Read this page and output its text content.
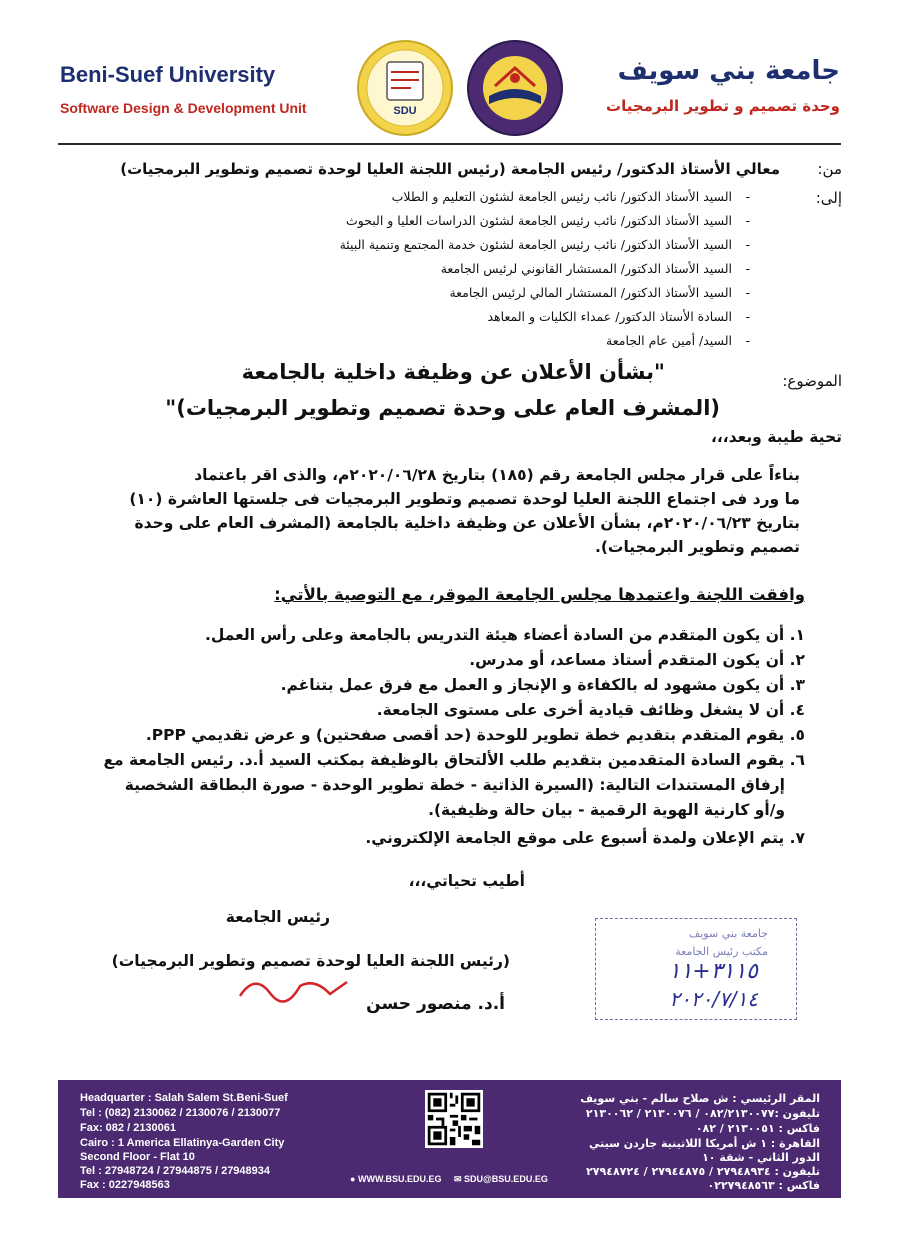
Beni-Suef University
Software Design & Development Unit
جامعة بني سويف
وحدة تصميم و تطوير البرمجيات
SDU
من:
معالي الأستاذ الدكتور/ رئيس الجامعة (رئيس اللجنة العليا لوحدة تصميم وتطوير البرمجيات)
إلى:
-
السيد الأستاذ الدكتور/ نائب رئيس الجامعة لشئون التعليم و الطلاب
-
السيد الأستاذ الدكتور/ نائب رئيس الجامعة لشئون الدراسات العليا و البحوث
-
السيد الأستاذ الدكتور/ نائب رئيس الجامعة لشئون خدمة المجتمع وتنمية البيئة
-
السيد الأستاذ الدكتور/ المستشار القانوني لرئيس الجامعة
-
السيد الأستاذ الدكتور/ المستشار المالي لرئيس الجامعة
-
السادة الأستاذ الدكتور/ عمداء الكليات و المعاهد
-
السيد/ أمين عام الجامعة
الموضوع:
"بشأن الأعلان عن وظيفة داخلية بالجامعة
(المشرف العام على وحدة تصميم وتطوير البرمجيات)"
تحية طيبة وبعد،،،
بناءاً على قرار مجلس الجامعة رقم (١٨٥) بتاريخ ٢٠٢٠/٠٦/٢٨م، والذى اقر باعتماد
ما ورد فى اجتماع اللجنة العليا لوحدة تصميم وتطوير البرمجيات فى جلستها العاشرة (١٠)
بتاريخ ٢٠٢٠/٠٦/٢٣م، بشأن الأعلان عن وظيفة داخلية بالجامعة (المشرف العام على وحدة
تصميم وتطوير البرمجيات).
وافقت اللجنة واعتمدها مجلس الجامعة الموقر، مع التوصية بالأتي:
١. أن يكون المتقدم من السادة أعضاء هيئة التدريس بالجامعة وعلى رأس العمل.
٢. أن يكون المتقدم أستاذ مساعد، أو مدرس.
٣. أن يكون مشهود له بالكفاءة و الإنجاز و العمل مع فرق عمل بتناغم.
٤. أن لا يشغل وظائف قيادية أخرى على مستوى الجامعة.
٥. يقوم المتقدم بتقديم خطة تطوير للوحدة (حد أقصى صفحتين) و عرض تقديمي PPP.
٦. يقوم السادة المتقدمين بتقديم طلب الألتحاق بالوظيفة بمكتب السيد أ.د. رئيس الجامعة مع
إرفاق المستندات التالية: (السيرة الذاتية - خطة تطوير الوحدة - صورة البطاقة الشخصية
و/أو كارنية الهوية الرقمية - بيان حالة وظيفية).
٧. يتم الإعلان ولمدة أسبوع على موقع الجامعة الإلكتروني.
أطيب تحياتي،،،
رئيس الجامعة
(رئيس اللجنة العليا لوحدة تصميم وتطوير البرمجيات)
أ.د. منصور حسن
جامعة بني سويف
مكتب رئيس الجامعة
٣١١٥+١١
٢٠٢٠/٧/١٤
Headquarter : Salah Salem St.Beni-Suef
Tel : (082) 2130062 / 2130076 / 2130077
Fax: 082 / 2130061
Cairo : 1 America Ellatinya-Garden City
Second Floor - Flat 10
Tel : 27948724 / 27944875 / 27948934
Fax : 0227948563
المقر الرئيسي : ش صلاح سالم - بني سويف
تليفون :٠٨٢/٢١٣٠٠٧٧ / ٢١٣٠٠٧٦ / ٢١٣٠٠٦٢
فاكس : ٢١٣٠٠٥١ / ٠٨٢
القاهرة : ١ ش أمريكا اللاتينية جاردن سيتي
الدور الثاني - شقة ١٠
تليفون : ٢٧٩٤٨٩٣٤ / ٢٧٩٤٤٨٧٥ / ٢٧٩٤٨٧٢٤
فاكس : ٠٢٢٧٩٤٨٥٦٣
● WWW.BSU.EDU.EG ✉ SDU@BSU.EDU.EG
